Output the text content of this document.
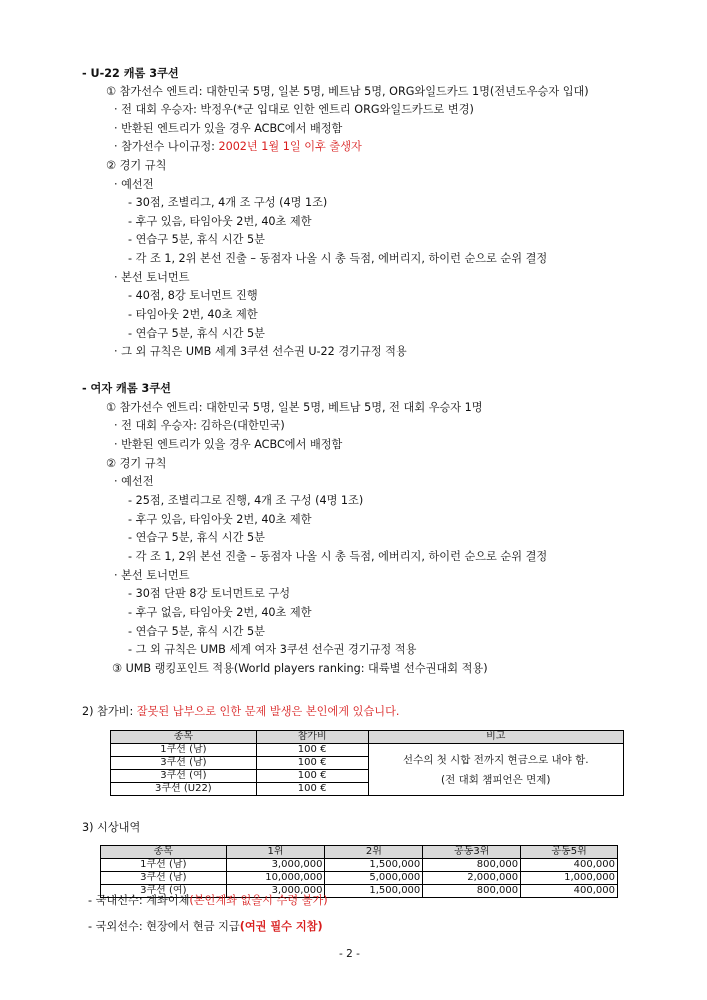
- U-22 캐롬 3쿠션
① 참가선수 엔트리: 대한민국 5명, 일본 5명, 베트남 5명, ORG와일드카드 1명(전년도우승자 입대)
· 전 대회 우승자: 박정우(*군 입대로 인한 엔트리 ORG와일드카드로 변경)
· 반환된 엔트리가 있을 경우 ACBC에서 배정함
· 참가선수 나이규정: 2002년 1월 1일 이후 출생자
② 경기 규칙
· 예선전
- 30점, 조별리그, 4개 조 구성 (4명 1조)
- 후구 있음, 타임아웃 2번, 40초 제한
- 연습구 5분, 휴식 시간 5분
- 각 조 1, 2위 본선 진출 – 동점자 나올 시 총 득점, 에버리지, 하이런 순으로 순위 결정
· 본선 토너먼트
- 40점, 8강 토너먼트 진행
- 타임아웃 2번, 40초 제한
- 연습구 5분, 휴식 시간 5분
· 그 외 규칙은 UMB 세계 3쿠션 선수권 U-22 경기규정 적용
- 여자 캐롬 3쿠션
① 참가선수 엔트리: 대한민국 5명, 일본 5명, 베트남 5명, 전 대회 우승자 1명
· 전 대회 우승자: 김하은(대한민국)
· 반환된 엔트리가 있을 경우 ACBC에서 배정함
② 경기 규칙
· 예선전
- 25점, 조별리그로 진행, 4개 조 구성 (4명 1조)
- 후구 있음, 타임아웃 2번, 40초 제한
- 연습구 5분, 휴식 시간 5분
- 각 조 1, 2위 본선 진출 – 동점자 나올 시 총 득점, 에버리지, 하이런 순으로 순위 결정
· 본선 토너먼트
- 30점 단판 8강 토너먼트로 구성
- 후구 없음, 타임아웃 2번, 40초 제한
- 연습구 5분, 휴식 시간 5분
- 그 외 규칙은 UMB 세계 여자 3쿠션 선수권 경기규정 적용
③ UMB 랭킹포인트 적용(World players ranking: 대륙별 선수권대회 적용)
2) 참가비: 잘못된 납부으로 인한 문제 발생은 본인에게 있습니다.
종목	참가비	비고
1쿠션 (남)	100 €	선수의 첫 시합 전까지 현금으로 내야 함.
(전 대회 챔피언은 면제)

3쿠션 (남)	100 €	
3쿠션 (여)	100 €	
3쿠션 (U22)	100 €	
3) 시상내역
종목	1위	2위	공동3위	공동5위
1쿠션 (남)	3,000,000	1,500,000	800,000	400,000
3쿠션 (남)	10,000,000	5,000,000	2,000,000	1,000,000
3쿠션 (여)	3,000,000	1,500,000	800,000	400,000
- 국내선수: 계좌이체(본인계좌 없을시 수령 불가)
- 국외선수: 현장에서 현금 지급(여권 필수 지참)
- 2 -
